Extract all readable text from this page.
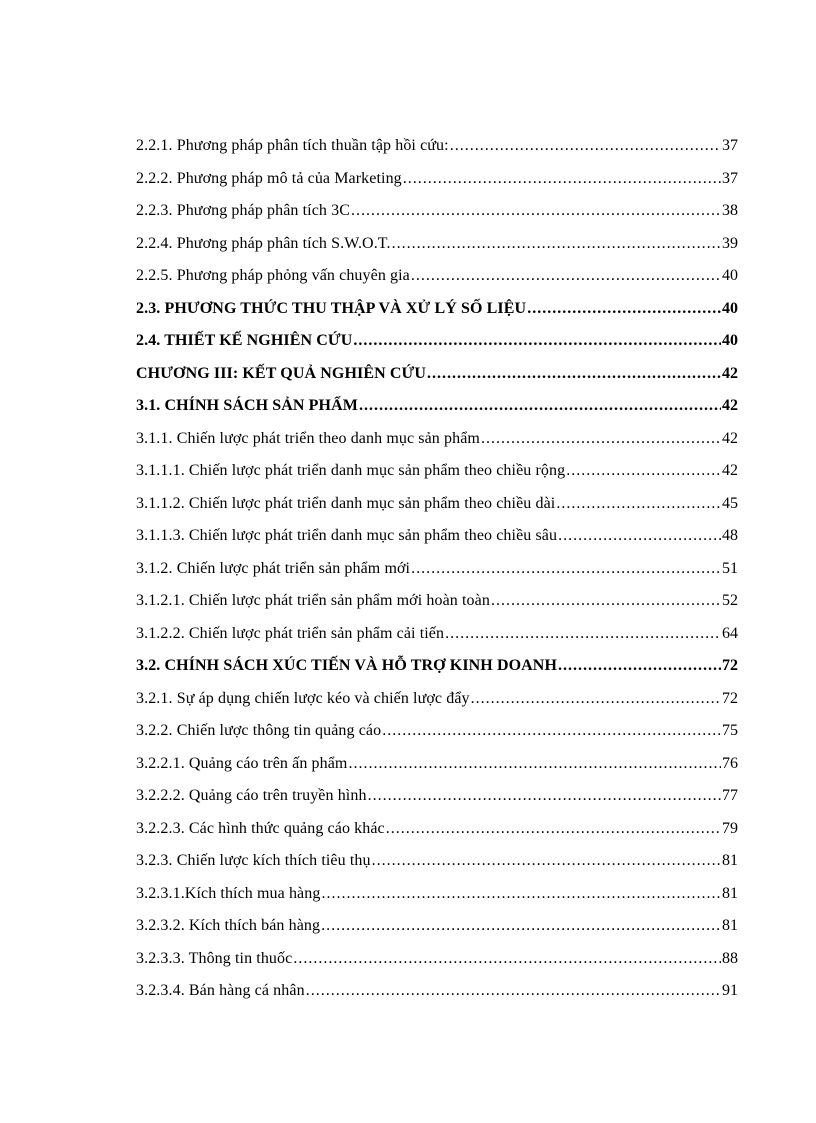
2.2.1. Phương pháp phân tích thuần tập hồi cứu: .....	37
2.2.2. Phương pháp mô tả của Marketing .....	37
2.2.3. Phương pháp phân tích 3C .....	38
2.2.4. Phương pháp phân tích S.W.O.T. .....	39
2.2.5. Phương pháp phỏng vấn chuyên gia .....	40
2.3. PHƯƠNG THỨC THU THẬP VÀ XỬ LÝ SỐ LIỆU .....	40
2.4. THIẾT KẾ NGHIÊN CỨU .....	40
CHƯƠNG III: KẾT QUẢ NGHIÊN CỨU .....	42
3.1. CHÍNH SÁCH SẢN PHẨM .....	42
3.1.1. Chiến lược phát triển theo danh mục sản phẩm .....	42
3.1.1.1. Chiến lược phát triển danh mục sản phẩm theo chiều rộng .....	42
3.1.1.2. Chiến lược phát triển danh mục sản phẩm theo chiều dài .....	45
3.1.1.3. Chiến lược phát triển danh mục sản phẩm theo chiều sâu .....	48
3.1.2. Chiến lược phát triển sản phẩm mới .....	51
3.1.2.1. Chiến lược phát triển sản phẩm mới hoàn toàn .....	52
3.1.2.2. Chiến lược phát triển sản phẩm cải tiến .....	64
3.2. CHÍNH SÁCH XÚC TIẾN VÀ HỖ TRỢ KINH DOANH .....	72
3.2.1. Sự áp dụng chiến lược kéo và chiến lược đẩy .....	72
3.2.2. Chiến lược thông tin quảng cáo .....	75
3.2.2.1. Quảng cáo trên ấn phẩm .....	76
3.2.2.2. Quảng cáo trên truyền hình .....	77
3.2.2.3. Các hình thức quảng cáo khác .....	79
3.2.3. Chiến lược kích thích tiêu thụ .....	81
3.2.3.1.Kích thích mua hàng .....	81
3.2.3.2. Kích thích bán hàng .....	81
3.2.3.3. Thông tin thuốc .....	88
3.2.3.4. Bán hàng cá nhân .....	91
